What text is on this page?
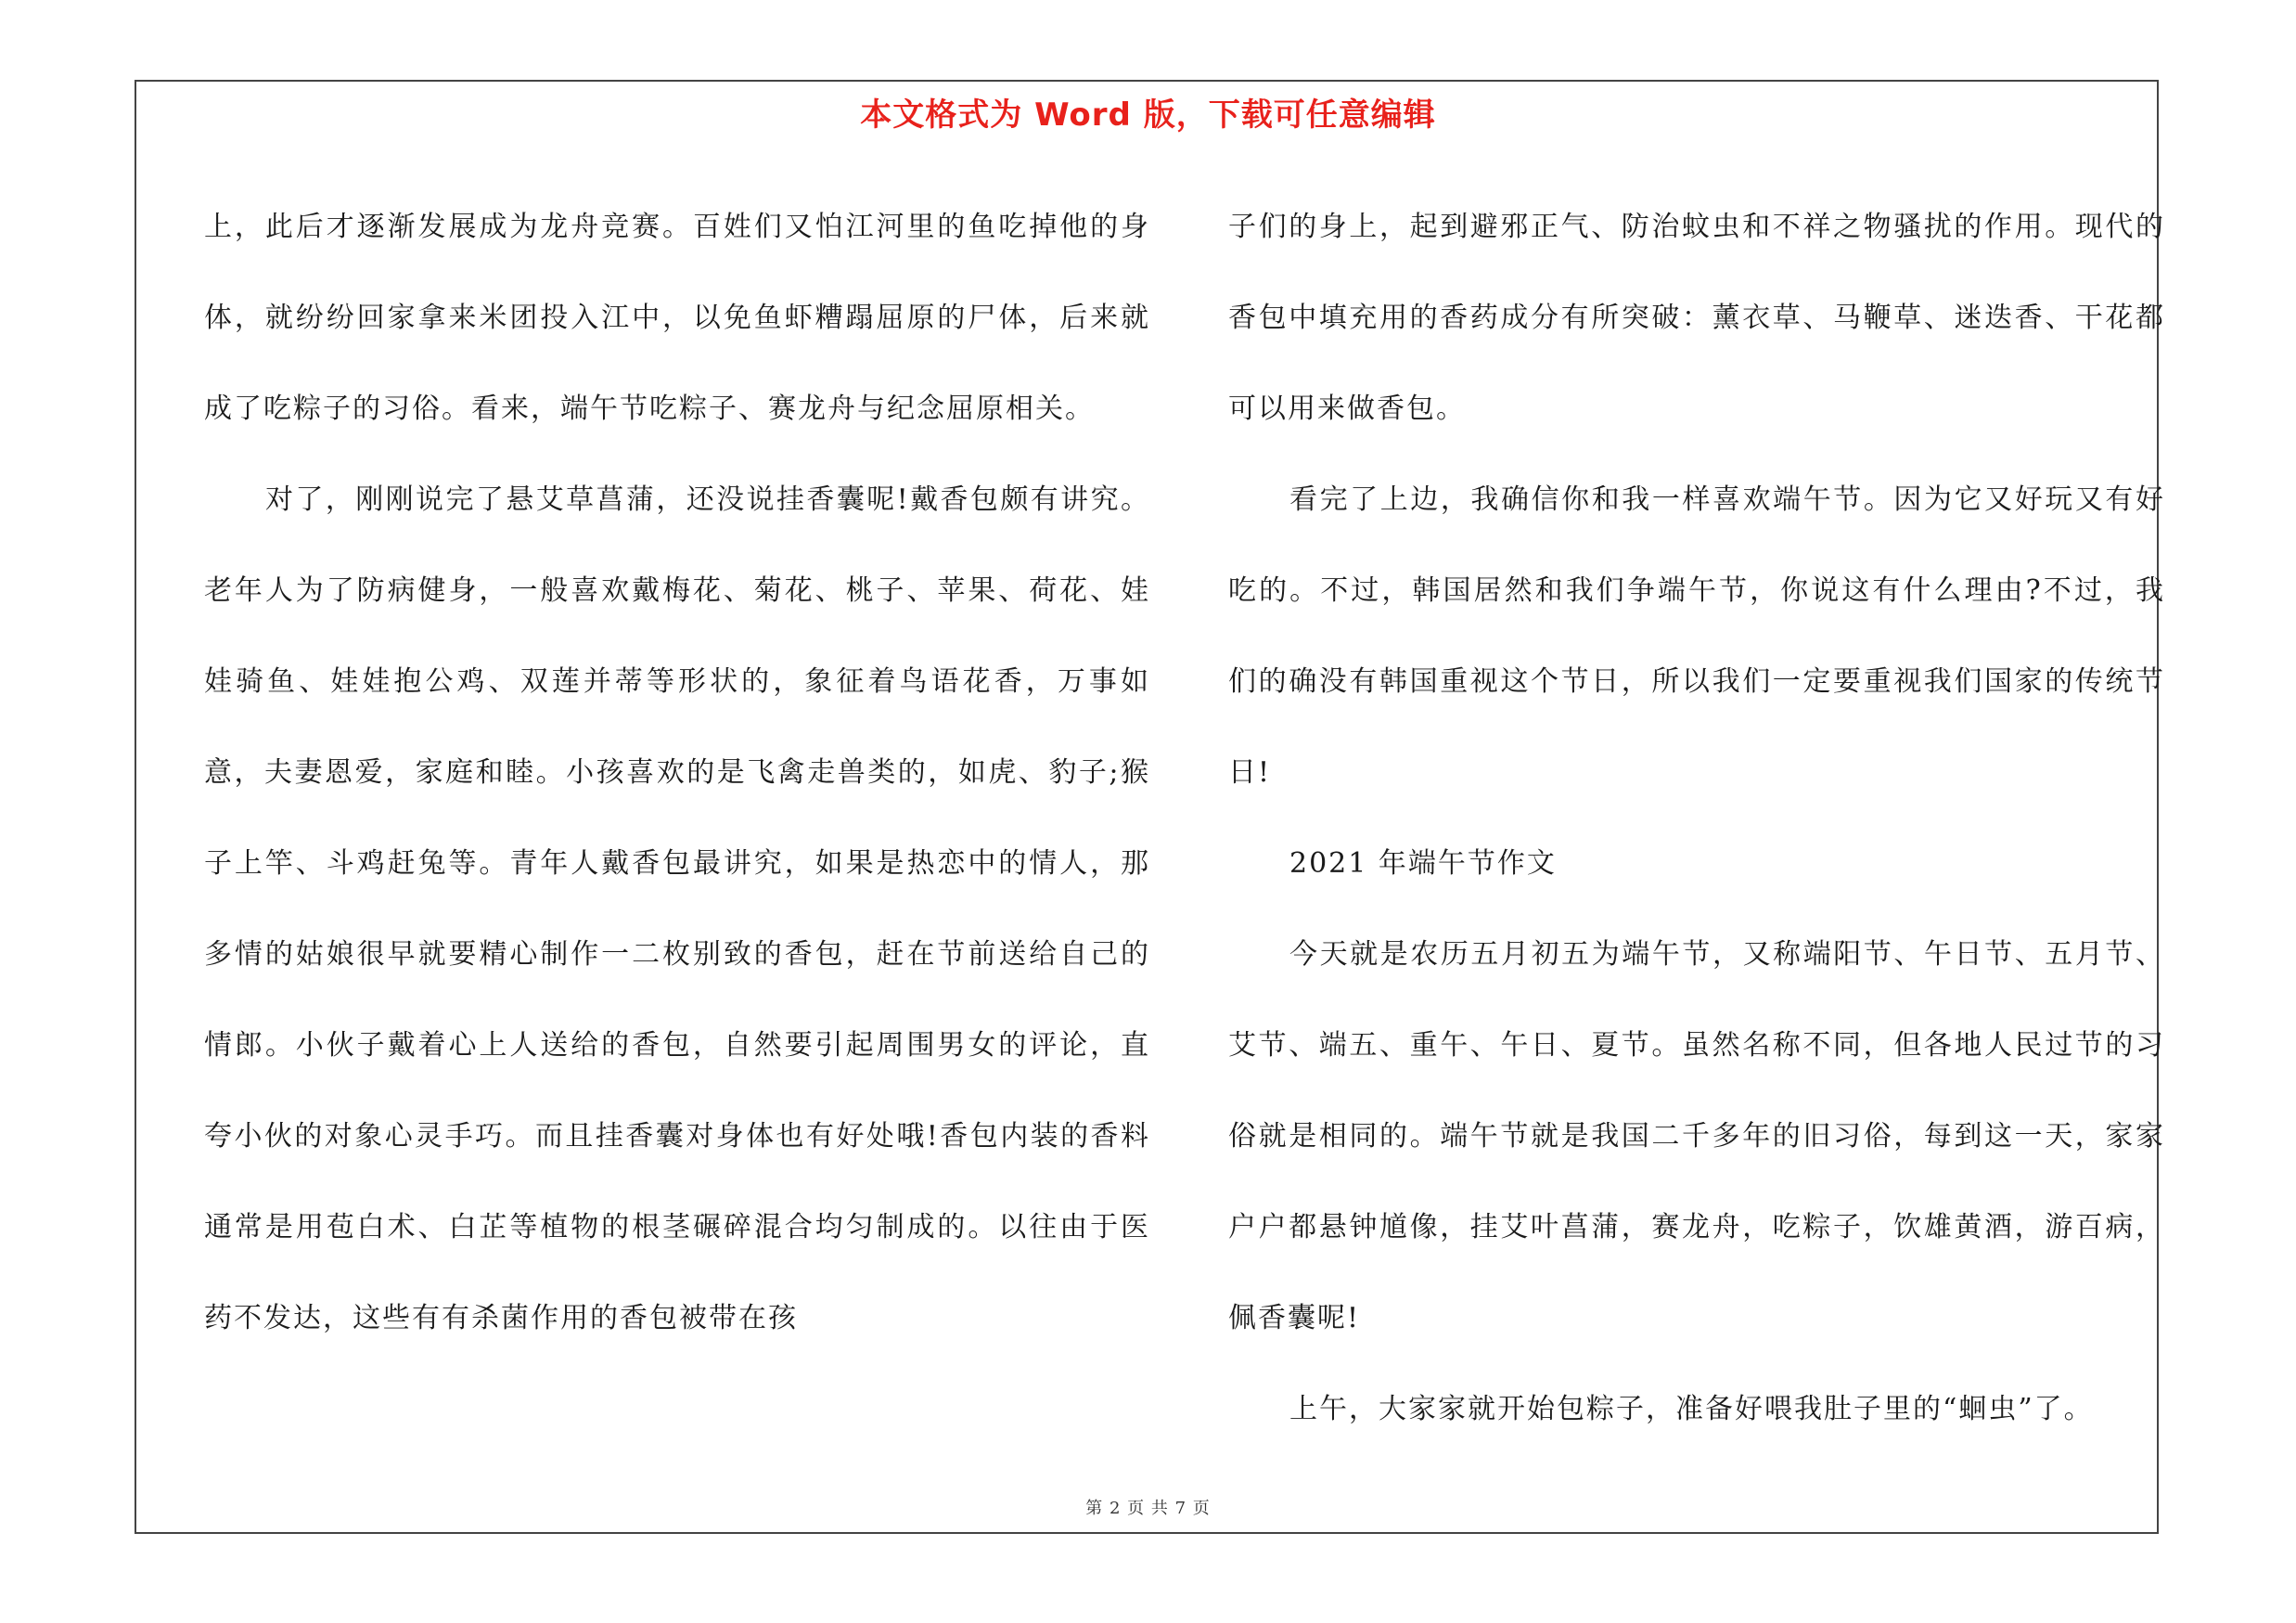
本文格式为 Word 版，下载可任意编辑

上，此后才逐渐发展成为龙舟竞赛。百姓们又怕江河里的鱼吃掉他的身体，就纷纷回家拿来米团投入江中，以免鱼虾糟蹋屈原的尸体，后来就成了吃粽子的习俗。看来，端午节吃粽子、赛龙舟与纪念屈原相关。

对了，刚刚说完了悬艾草菖蒲，还没说挂香囊呢!戴香包颇有讲究。老年人为了防病健身，一般喜欢戴梅花、菊花、桃子、苹果、荷花、娃娃骑鱼、娃娃抱公鸡、双莲并蒂等形状的，象征着鸟语花香，万事如意，夫妻恩爱，家庭和睦。小孩喜欢的是飞禽走兽类的，如虎、豹子;猴子上竿、斗鸡赶兔等。青年人戴香包最讲究，如果是热恋中的情人，那多情的姑娘很早就要精心制作一二枚别致的香包，赶在节前送给自己的情郎。小伙子戴着心上人送给的香包，自然要引起周围男女的评论，直夸小伙的对象心灵手巧。而且挂香囊对身体也有好处哦!香包内装的香料通常是用苞白术、白芷等植物的根茎碾碎混合均匀制成的。以往由于医药不发达，这些有有杀菌作用的香包被带在孩

子们的身上，起到避邪正气、防治蚊虫和不祥之物骚扰的作用。现代的香包中填充用的香药成分有所突破：薰衣草、马鞭草、迷迭香、干花都可以用来做香包。

看完了上边，我确信你和我一样喜欢端午节。因为它又好玩又有好吃的。不过，韩国居然和我们争端午节，你说这有什么理由?不过，我们的确没有韩国重视这个节日，所以我们一定要重视我们国家的传统节日!

2021 年端午节作文

今天就是农历五月初五为端午节，又称端阳节、午日节、五月节、艾节、端五、重午、午日、夏节。虽然名称不同，但各地人民过节的习俗就是相同的。端午节就是我国二千多年的旧习俗，每到这一天，家家户户都悬钟馗像，挂艾叶菖蒲，赛龙舟，吃粽子，饮雄黄酒，游百病，佩香囊呢!

上午，大家家就开始包粽子，准备好喂我肚子里的“蛔虫”了。

第 2 页 共 7 页
